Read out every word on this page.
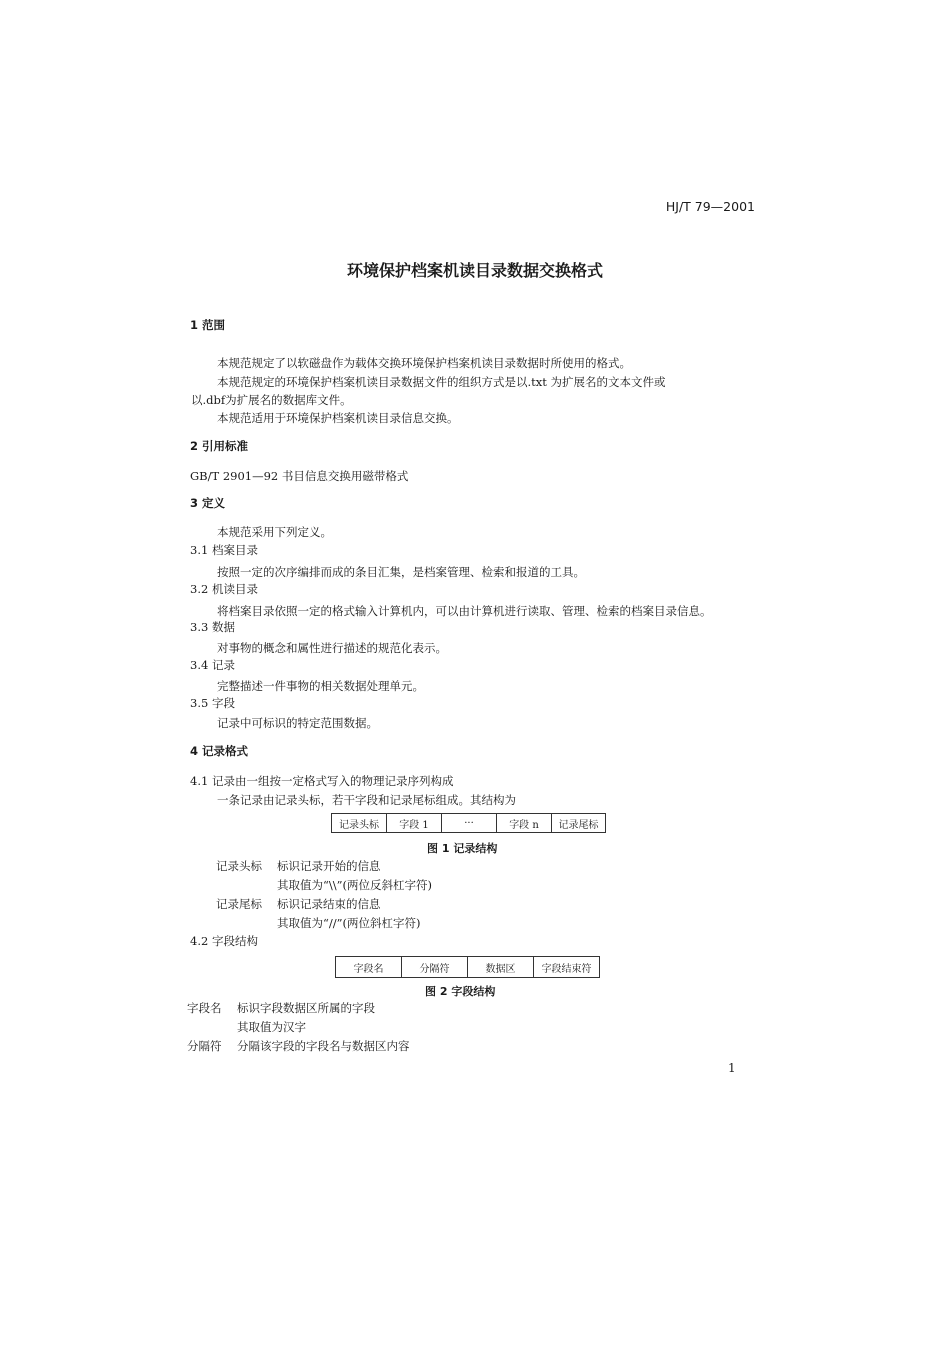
HJ/T 79—2001
环境保护档案机读目录数据交换格式
1 范围
本规范规定了以软磁盘作为载体交换环境保护档案机读目录数据时所使用的格式。
本规范规定的环境保护档案机读目录数据文件的组织方式是以.txt 为扩展名的文本文件或
以.dbf为扩展名的数据库文件。
本规范适用于环境保护档案机读目录信息交换。
2 引用标准
GB/T 2901—92 书目信息交换用磁带格式
3 定义
本规范采用下列定义。
3.1 档案目录
按照一定的次序编排而成的条目汇集，是档案管理、检索和报道的工具。
3.2 机读目录
将档案目录依照一定的格式输入计算机内，可以由计算机进行读取、管理、检索的档案目录信息。
3.3 数据
对事物的概念和属性进行描述的规范化表示。
3.4 记录
完整描述一件事物的相关数据处理单元。
3.5 字段
记录中可标识的特定范围数据。
4 记录格式
4.1 记录由一组按一定格式写入的物理记录序列构成
一条记录由记录头标，若干字段和记录尾标组成。其结构为
记录头标	字段 1	···	字段 n	记录尾标
图 1 记录结构
记录头标 标识记录开始的信息
其取值为“\\”(两位反斜杠字符)
记录尾标 标识记录结束的信息
其取值为“//”(两位斜杠字符)
4.2 字段结构
字段名	分隔符	数据区	字段结束符
图 2 字段结构
字段名 标识字段数据区所属的字段
其取值为汉字
分隔符 分隔该字段的字段名与数据区内容
1
